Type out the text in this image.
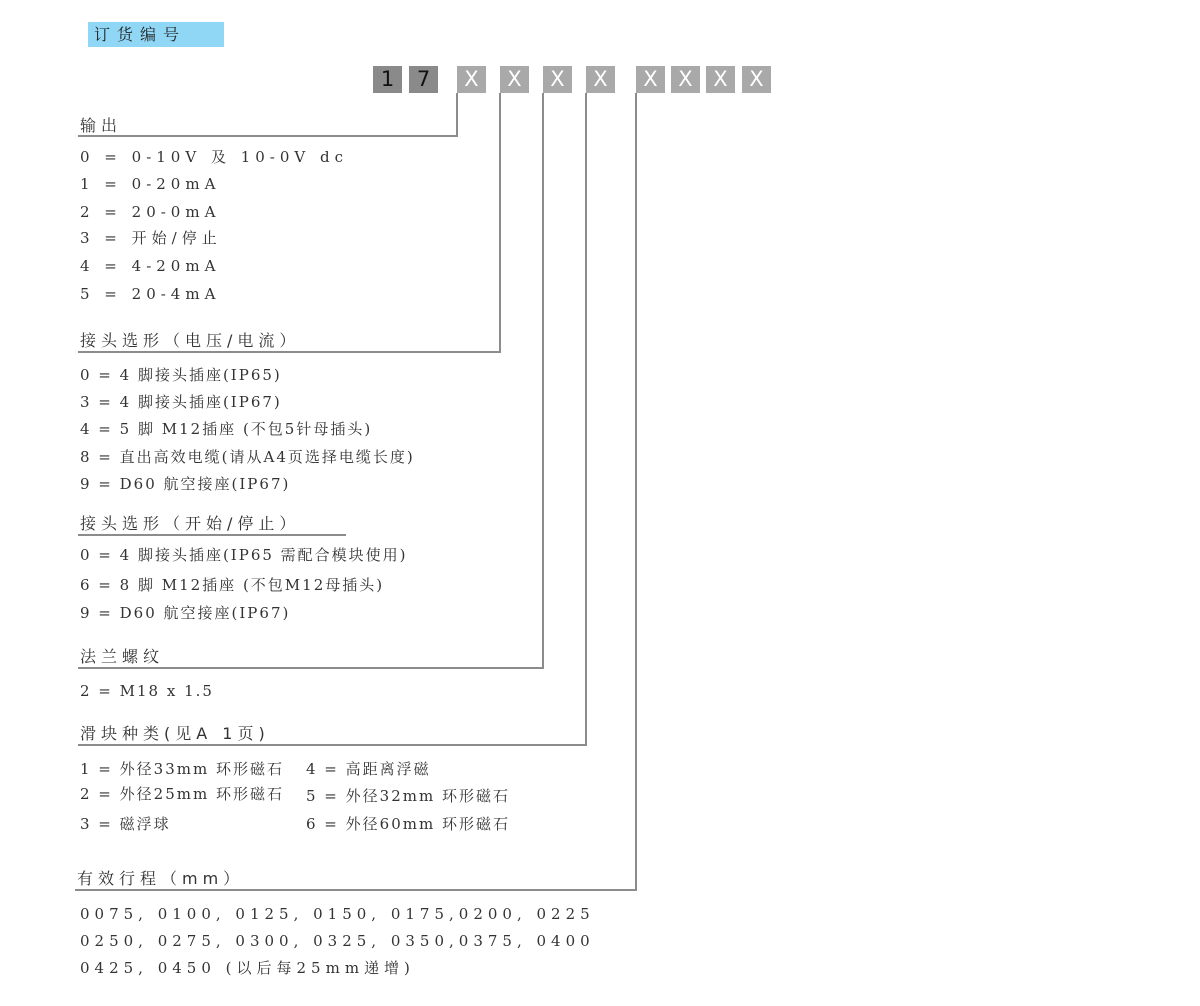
订货编号
1	7	X	X	X	X	X X X	X
输出
0 = 0-10V 及 10-0V dc
1 = 0-20mA
2 = 20-0mA
3 = 开始/停止
4 = 4-20mA
5 = 20-4mA
接头选形（电压/电流）
0 = 4 脚接头插座(IP65)
3 = 4 脚接头插座(IP67)
4 = 5 脚 M12插座 (不包5针母插头)
8 = 直出高效电缆(请从A4页选择电缆长度)
9 = D60 航空接座(IP67)
接头选形（开始/停止）
0 = 4 脚接头插座(IP65 需配合模块使用)
6 = 8 脚 M12插座 (不包M12母插头)
9 = D60 航空接座(IP67)
法兰螺纹
2 = M18 x 1.5
滑块种类(见A 1页)
1 = 外径33mm 环形磁石
2 = 外径25mm 环形磁石
3 = 磁浮球
4 = 高距离浮磁
5 = 外径32mm 环形磁石
6 = 外径60mm 环形磁石
有效行程（mm）
0075, 0100, 0125, 0150, 0175,0200, 0225
0250, 0275, 0300, 0325, 0350,0375, 0400
0425, 0450 (以后每25mm递增)
